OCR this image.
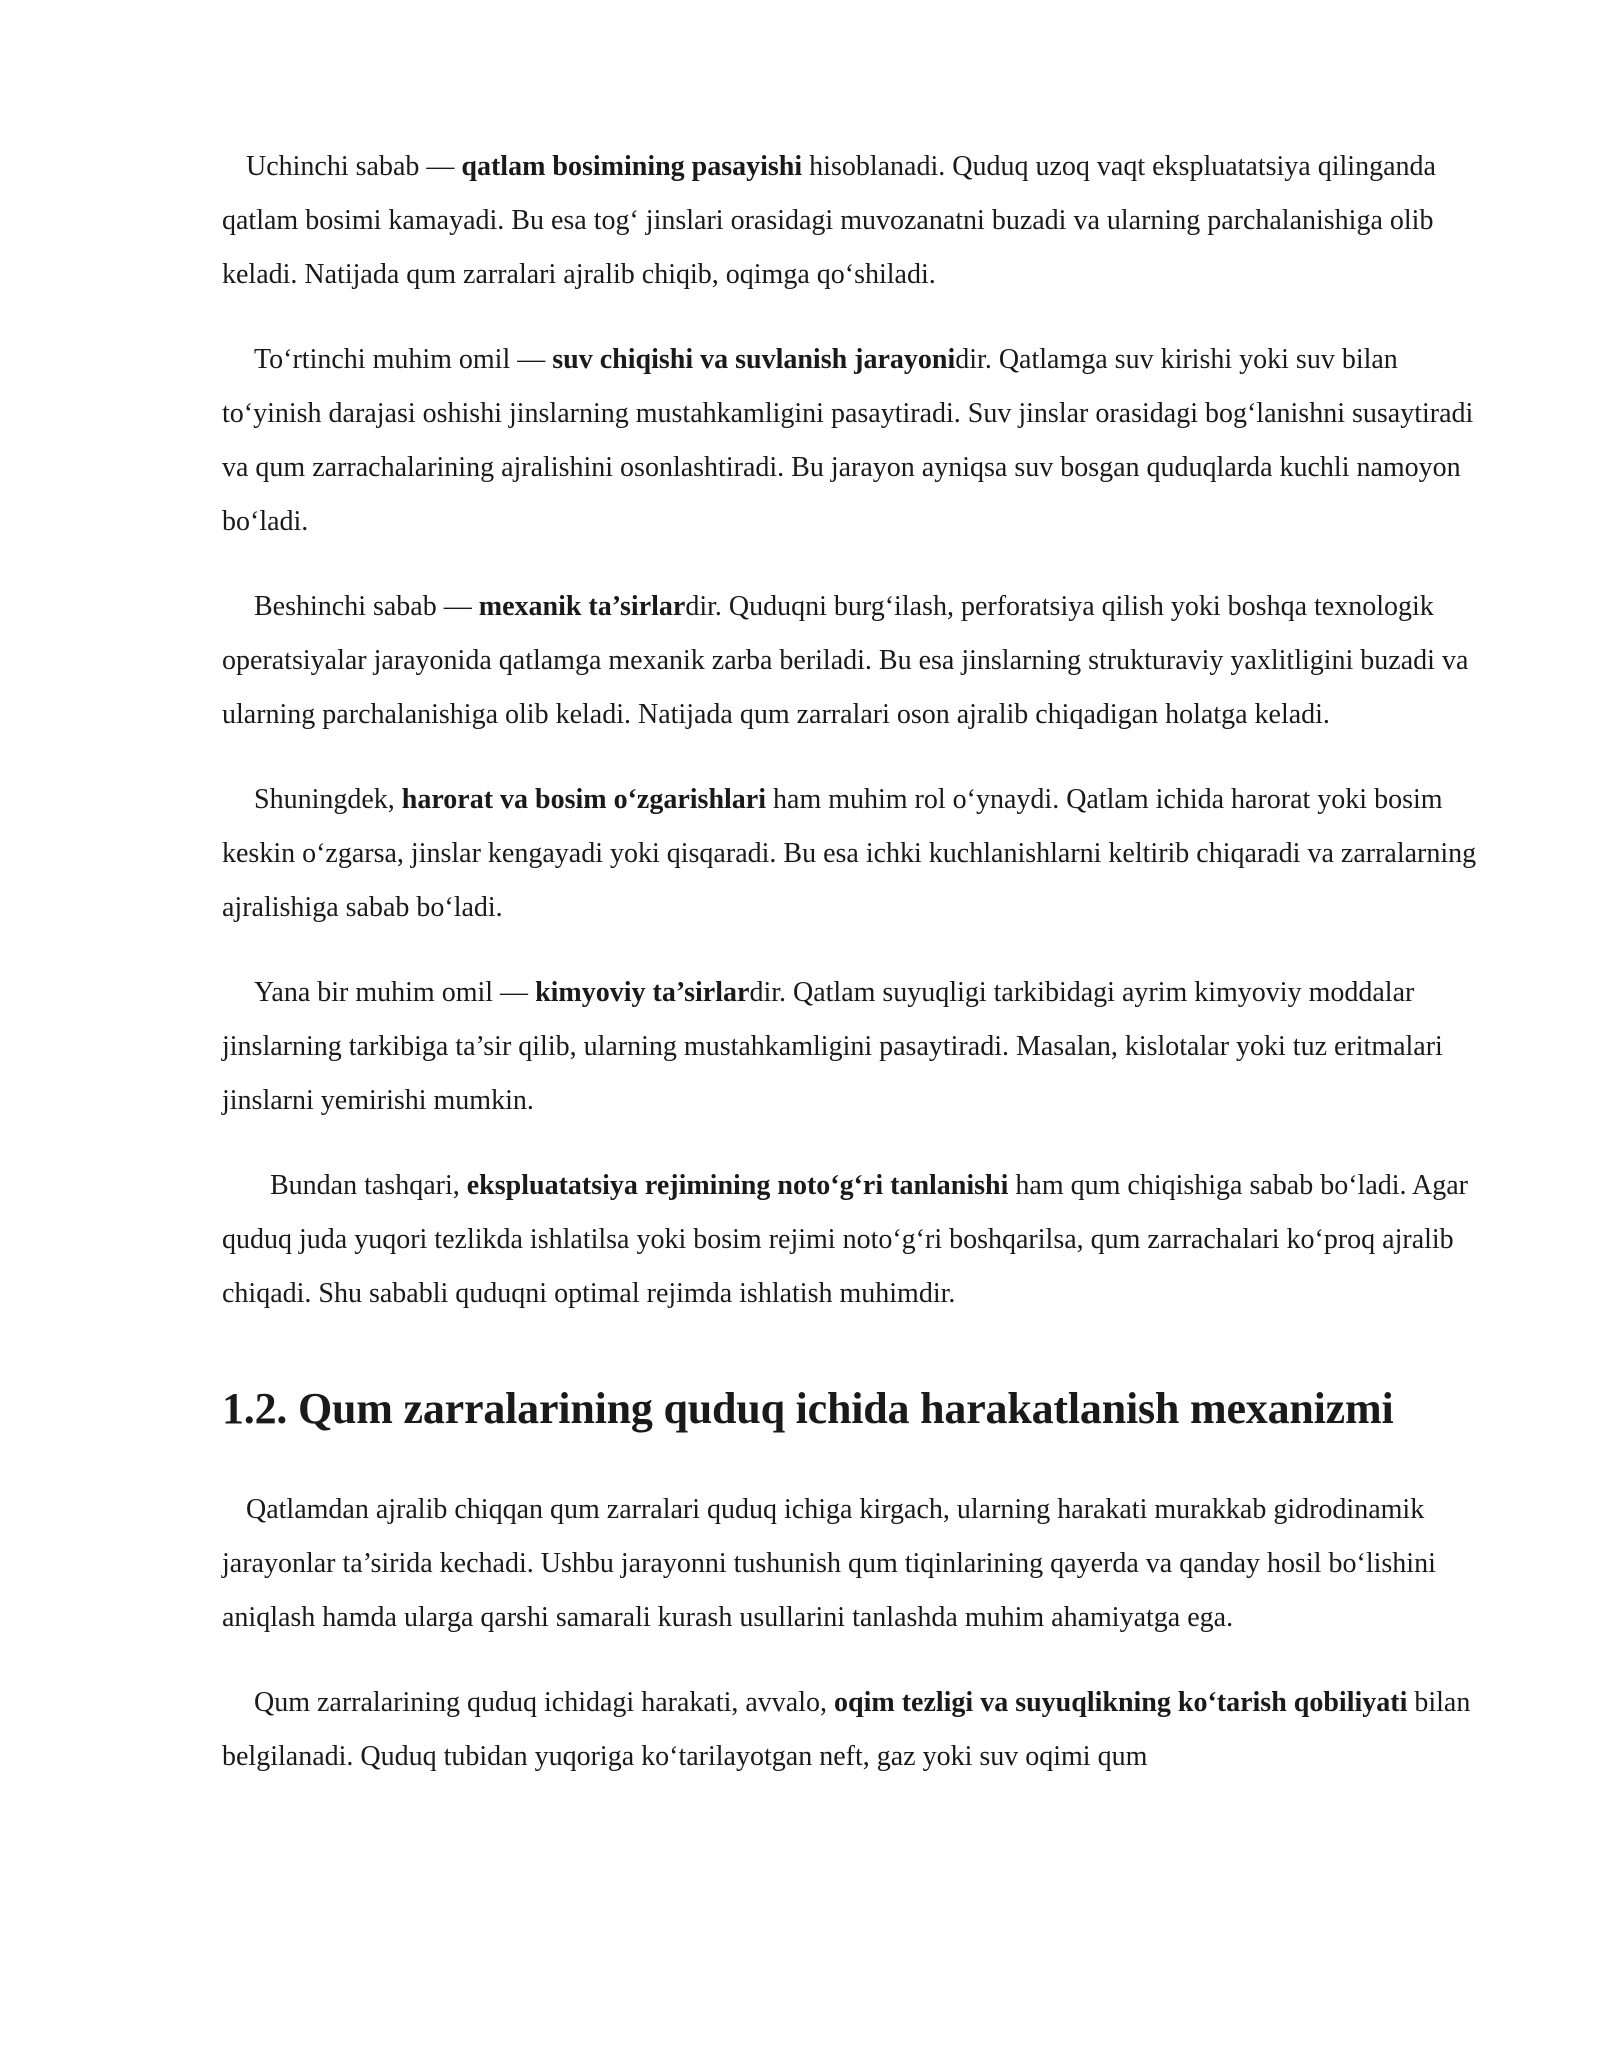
Uchinchi sabab — qatlam bosimining pasayishi hisoblanadi. Quduq uzoq vaqt ekspluatatsiya qilinganda qatlam bosimi kamayadi. Bu esa tog‘ jinslari orasidagi muvozanatni buzadi va ularning parchalanishiga olib keladi. Natijada qum zarralari ajralib chiqib, oqimga qo‘shiladi.

To‘rtinchi muhim omil — suv chiqishi va suvlanish jarayonidir. Qatlamga suv kirishi yoki suv bilan to‘yinish darajasi oshishi jinslarning mustahkamligini pasaytiradi. Suv jinslar orasidagi bog‘lanishni susaytiradi va qum zarrachalarining ajralishini osonlashtiradi. Bu jarayon ayniqsa suv bosgan quduqlarda kuchli namoyon bo‘ladi.

Beshinchi sabab — mexanik ta’sirlardir. Quduqni burg‘ilash, perforatsiya qilish yoki boshqa texnologik operatsiyalar jarayonida qatlamga mexanik zarba beriladi. Bu esa jinslarning strukturaviy yaxlitligini buzadi va ularning parchalanishiga olib keladi. Natijada qum zarralari oson ajralib chiqadigan holatga keladi.

Shuningdek, harorat va bosim o‘zgarishlari ham muhim rol o‘ynaydi. Qatlam ichida harorat yoki bosim keskin o‘zgarsa, jinslar kengayadi yoki qisqaradi. Bu esa ichki kuchlanishlarni keltirib chiqaradi va zarralarning ajralishiga sabab bo‘ladi.

Yana bir muhim omil — kimyoviy ta’sirlardir. Qatlam suyuqligi tarkibidagi ayrim kimyoviy moddalar jinslarning tarkibiga ta’sir qilib, ularning mustahkamligini pasaytiradi. Masalan, kislotalar yoki tuz eritmalari jinslarni yemirishi mumkin.

Bundan tashqari, ekspluatatsiya rejimining noto‘g‘ri tanlanishi ham qum chiqishiga sabab bo‘ladi. Agar quduq juda yuqori tezlikda ishlatilsa yoki bosim rejimi noto‘g‘ri boshqarilsa, qum zarrachalari ko‘proq ajralib chiqadi. Shu sababli quduqni optimal rejimda ishlatish muhimdir.

1.2. Qum zarralarining quduq ichida harakatlanish mexanizmi

Qatlamdan ajralib chiqqan qum zarralari quduq ichiga kirgach, ularning harakati murakkab gidrodinamik jarayonlar ta’sirida kechadi. Ushbu jarayonni tushunish qum tiqinlarining qayerda va qanday hosil bo‘lishini aniqlash hamda ularga qarshi samarali kurash usullarini tanlashda muhim ahamiyatga ega.

Qum zarralarining quduq ichidagi harakati, avvalo, oqim tezligi va suyuqlikning ko‘tarish qobiliyati bilan belgilanadi. Quduq tubidan yuqoriga ko‘tarilayotgan neft, gaz yoki suv oqimi qum
